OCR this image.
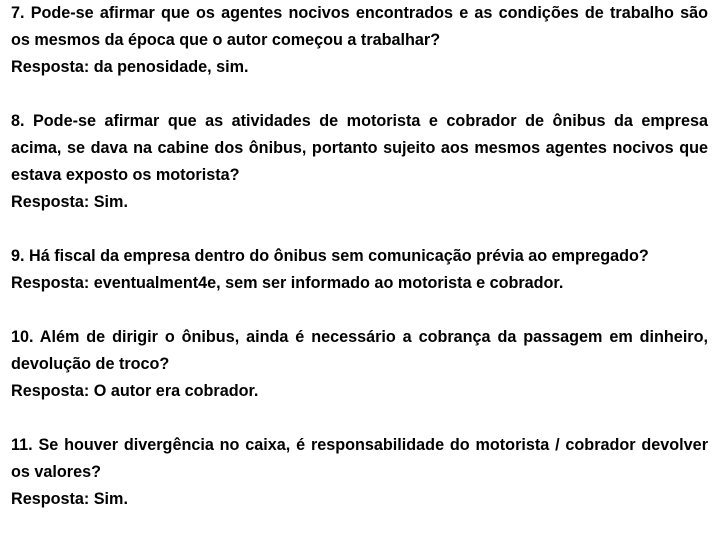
7. Pode-se afirmar que os agentes nocivos encontrados e as condições de trabalho são os mesmos da época que o autor começou a trabalhar?

Resposta: da penosidade, sim.

8. Pode-se afirmar que as atividades de motorista e cobrador de ônibus da empresa acima, se dava na cabine dos ônibus, portanto sujeito aos mesmos agentes nocivos que estava exposto os motorista?

Resposta: Sim.

9. Há fiscal da empresa dentro do ônibus sem comunicação prévia ao empregado?

Resposta: eventualment4e, sem ser informado ao motorista e cobrador.

10. Além de dirigir o ônibus, ainda é necessário a cobrança da passagem em dinheiro, devolução de troco?

Resposta: O autor era cobrador.

11. Se houver divergência no caixa, é responsabilidade do motorista / cobrador devolver os valores?

Resposta: Sim.
